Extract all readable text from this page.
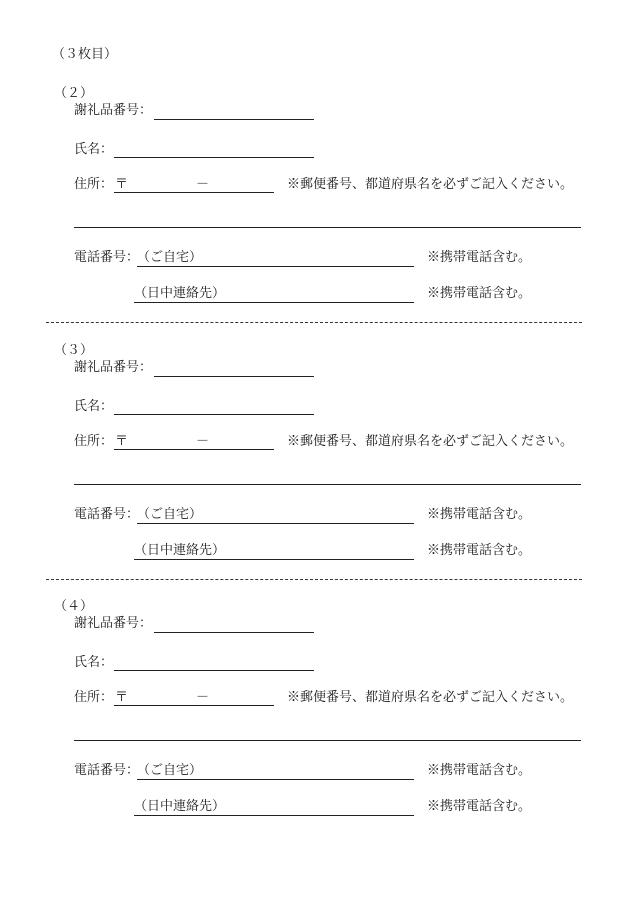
（３枚目）
（２）
謝礼品番号：
氏名：
住所： 〒	－	※郵便番号、都道府県名を必ずご記入ください。
電話番号：
（ご自宅）	※携帯電話含む。
（日中連絡先）	※携帯電話含む。
（３）
謝礼品番号：
氏名：
住所： 〒	－	※郵便番号、都道府県名を必ずご記入ください。
電話番号：
（ご自宅）	※携帯電話含む。
（日中連絡先）	※携帯電話含む。
（４）
謝礼品番号：
氏名：
住所： 〒	－	※郵便番号、都道府県名を必ずご記入ください。
電話番号：
（ご自宅）	※携帯電話含む。
（日中連絡先）	※携帯電話含む。
